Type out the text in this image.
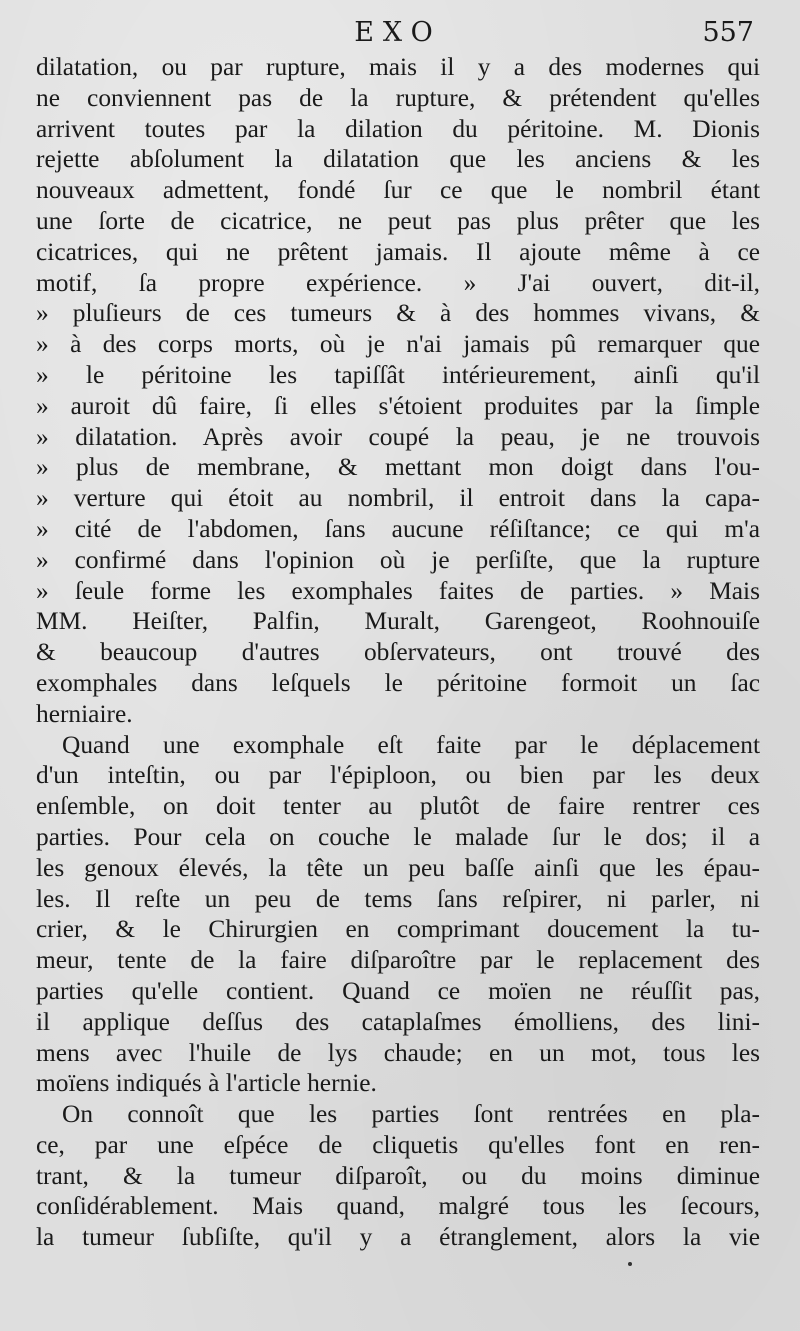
EXO	557
dilatation, ou par rupture, mais il y a des modernes qui
ne conviennent pas de la rupture, & prétendent qu'elles
arrivent toutes par la dilation du péritoine. M. Dionis
rejette abſolument la dilatation que les anciens & les
nouveaux admettent, fondé ſur ce que le nombril étant
une ſorte de cicatrice, ne peut pas plus prêter que les
cicatrices, qui ne prêtent jamais. Il ajoute même à ce
motif, ſa propre expérience. » J'ai ouvert, dit-il,
» pluſieurs de ces tumeurs & à des hommes vivans, &
» à des corps morts, où je n'ai jamais pû remarquer que
» le péritoine les tapiſſât intérieurement, ainſi qu'il
» auroit dû faire, ſi elles s'étoient produites par la ſimple
» dilatation. Après avoir coupé la peau, je ne trouvois
» plus de membrane, & mettant mon doigt dans l'ou-
» verture qui étoit au nombril, il entroit dans la capa-
» cité de l'abdomen, ſans aucune réſiſtance; ce qui m'a
» confirmé dans l'opinion où je perſiſte, que la rupture
» ſeule forme les exomphales faites de parties. » Mais
MM. Heiſter, Palfin, Muralt, Garengeot, Roohnouiſe
& beaucoup d'autres obſervateurs, ont trouvé des
exomphales dans leſquels le péritoine formoit un ſac
herniaire.
Quand une exomphale eſt faite par le déplacement
d'un inteſtin, ou par l'épiploon, ou bien par les deux
enſemble, on doit tenter au plutôt de faire rentrer ces
parties. Pour cela on couche le malade ſur le dos; il a
les genoux élevés, la tête un peu baſſe ainſi que les épau-
les. Il reſte un peu de tems ſans reſpirer, ni parler, ni
crier, & le Chirurgien en comprimant doucement la tu-
meur, tente de la faire diſparoître par le replacement des
parties qu'elle contient. Quand ce moïen ne réuſſit pas,
il applique deſſus des cataplaſmes émolliens, des lini-
mens avec l'huile de lys chaude; en un mot, tous les
moïens indiqués à l'article hernie.
On connoît que les parties ſont rentrées en pla-
ce, par une eſpéce de cliquetis qu'elles font en ren-
trant, & la tumeur diſparoît, ou du moins diminue
conſidérablement. Mais quand, malgré tous les ſecours,
la tumeur ſubſiſte, qu'il y a étranglement, alors la vie
